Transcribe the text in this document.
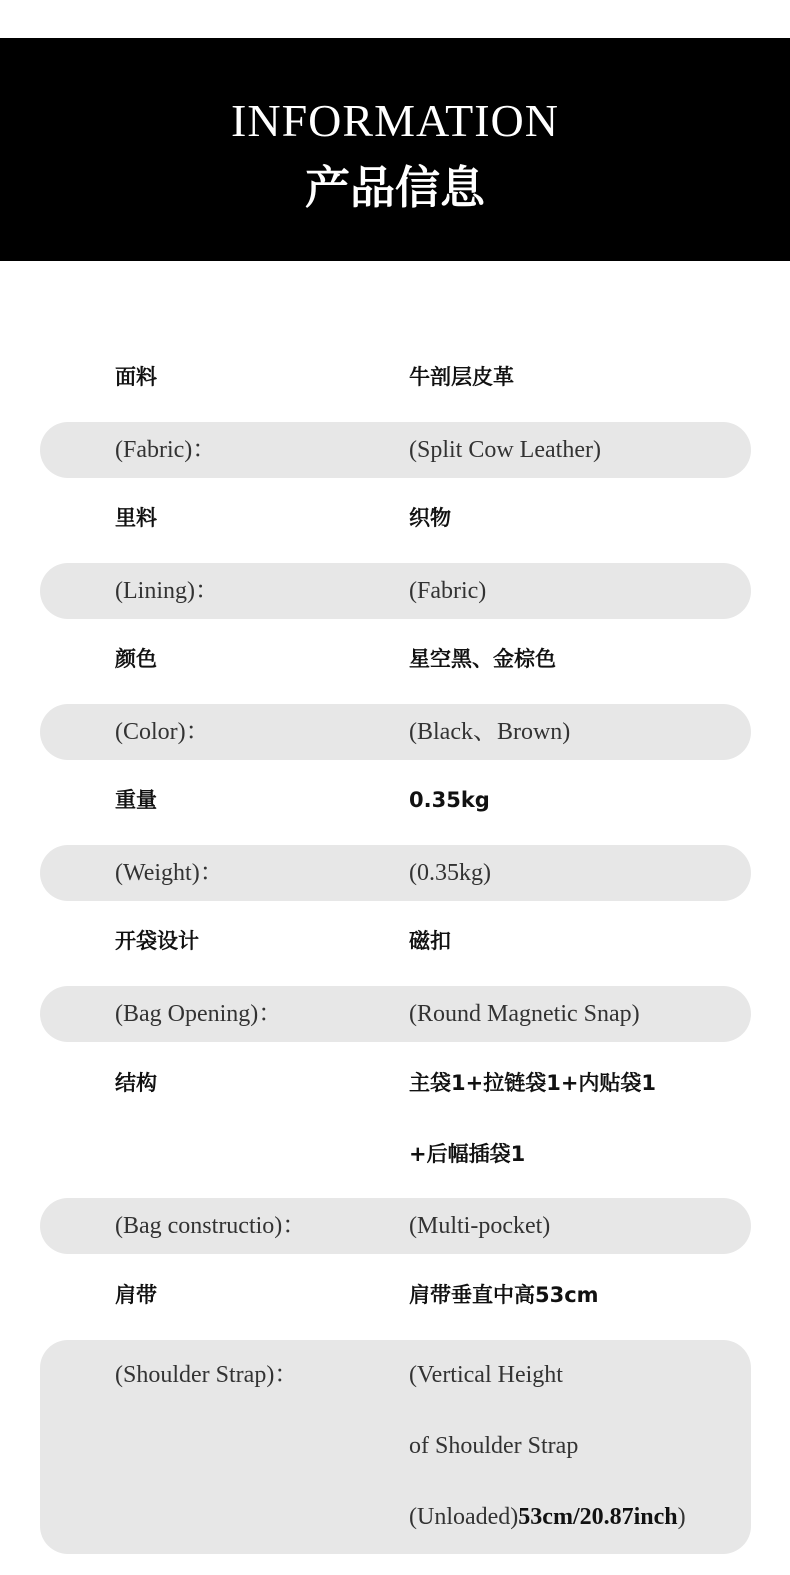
INFORMATION
产品信息
面料	牛剖层皮革
(Fabric)：	(Split Cow Leather)
里料	织物
(Lining)：	(Fabric)
颜色	星空黑、金棕色
(Color)：	(Black、Brown)
重量	0.35kg
(Weight)：	(0.35kg)
开袋设计	磁扣
(Bag Opening)：	(Round Magnetic Snap)
结构	主袋1+拉链袋1+内贴袋1
+后幅插袋1
(Bag constructio)：	(Multi-pocket)
肩带	肩带垂直中高53cm
(Shoulder Strap)：	(Vertical Height
of Shoulder Strap
(Unloaded)53cm/20.87inch)
